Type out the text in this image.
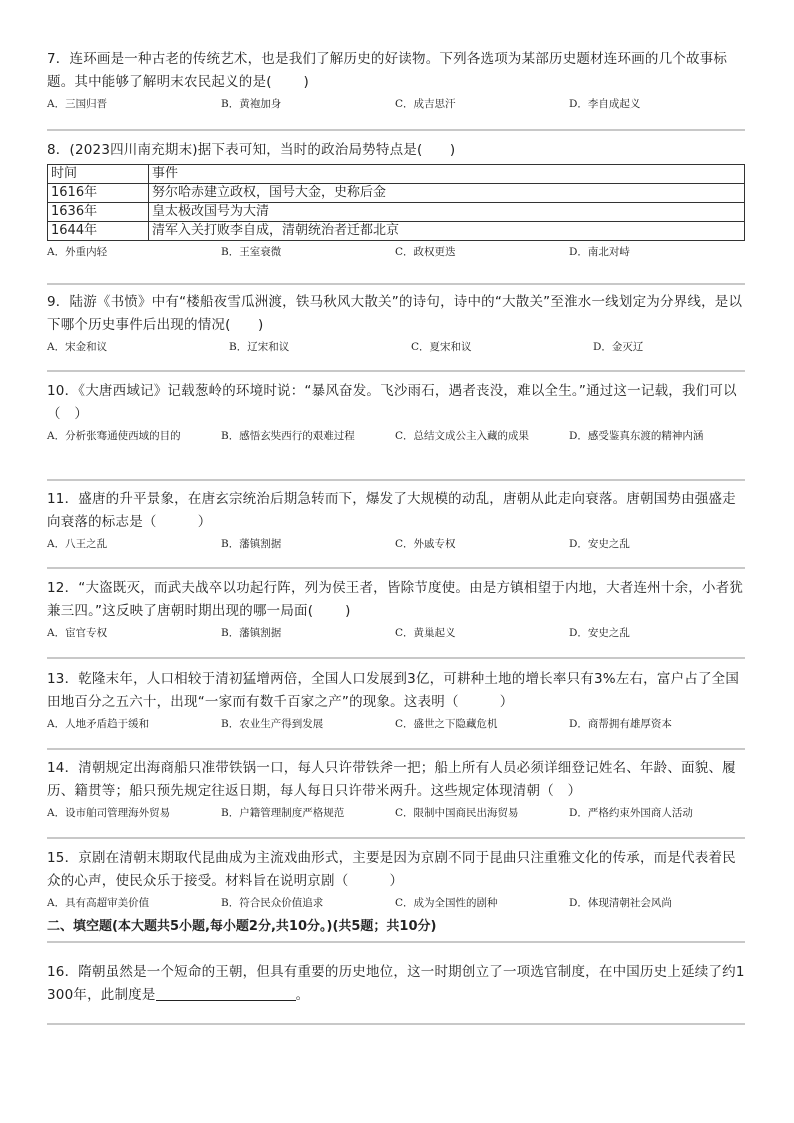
7．连环画是一种古老的传统艺术，也是我们了解历史的好读物。下列各选项为某部历史题材连环画的几个故事标题。其中能够了解明末农民起义的是(　　 )
A．三国归晋	B．黄袍加身	C．成吉思汗	D．李自成起义
8．(2023四川南充期末)据下表可知，当时的政治局势特点是(　　)
时间	事件
1616年	努尔哈赤建立政权，国号大金，史称后金
1636年	皇太极改国号为大清
1644年	清军入关打败李自成，清朝统治者迁都北京
A．外重内轻	B．王室衰微	C．政权更迭	D．南北对峙
9．陆游《书愤》中有“楼船夜雪瓜洲渡，铁马秋风大散关”的诗句，诗中的“大散关”至淮水一线划定为分界线，是以下哪个历史事件后出现的情况(　　)
A．宋金和议	B．辽宋和议	C．夏宋和议	D．金灭辽
10．《大唐西域记》记载葱岭的环境时说：“暴风奋发。飞沙雨石，遇者丧没，难以全生。”通过这一记载，我们可以（　）
A．分析张骞通使西域的目的	B．感悟玄奘西行的艰难过程	C．总结文成公主入藏的成果	D．感受鉴真东渡的精神内涵
11．盛唐的升平景象，在唐玄宗统治后期急转而下，爆发了大规模的动乱，唐朝从此走向衰落。唐朝国势由强盛走向衰落的标志是（　　　）
A．八王之乱	B．藩镇割据	C．外戚专权	D．安史之乱
12．“大盗既灭，而武夫战卒以功起行阵，列为侯王者，皆除节度使。由是方镇相望于内地，大者连州十余，小者犹兼三四。”这反映了唐朝时期出现的哪一局面(　　 )
A．宦官专权	B．藩镇割据	C．黄巢起义	D．安史之乱
13．乾隆末年，人口相较于清初猛增两倍，全国人口发展到3亿，可耕种土地的增长率只有3%左右，富户占了全国田地百分之五六十，出现“一家而有数千百家之产”的现象。这表明（　　　）
A．人地矛盾趋于缓和	B．农业生产得到发展	C．盛世之下隐藏危机	D．商帮拥有雄厚资本
14．清朝规定出海商船只准带铁锅一口，每人只许带铁斧一把；船上所有人员必须详细登记姓名、年龄、面貌、履历、籍贯等；船只预先规定往返日期，每人每日只许带米两升。这些规定体现清朝（　）
A．设市舶司管理海外贸易	B．户籍管理制度严格规范	C．限制中国商民出海贸易	D．严格约束外国商人活动
15．京剧在清朝末期取代昆曲成为主流戏曲形式，主要是因为京剧不同于昆曲只注重雅文化的传承，而是代表着民众的心声，使民众乐于接受。材料旨在说明京剧（　　　）
A．具有高超审美价值	B．符合民众价值追求	C．成为全国性的剧种	D．体现清朝社会风尚
二、填空题(本大题共5小题,每小题2分,共10分。)(共5题；共10分)
16．隋朝虽然是一个短命的王朝，但具有重要的历史地位，这一时期创立了一项选官制度，在中国历史上延续了约1　300年，此制度是	。
